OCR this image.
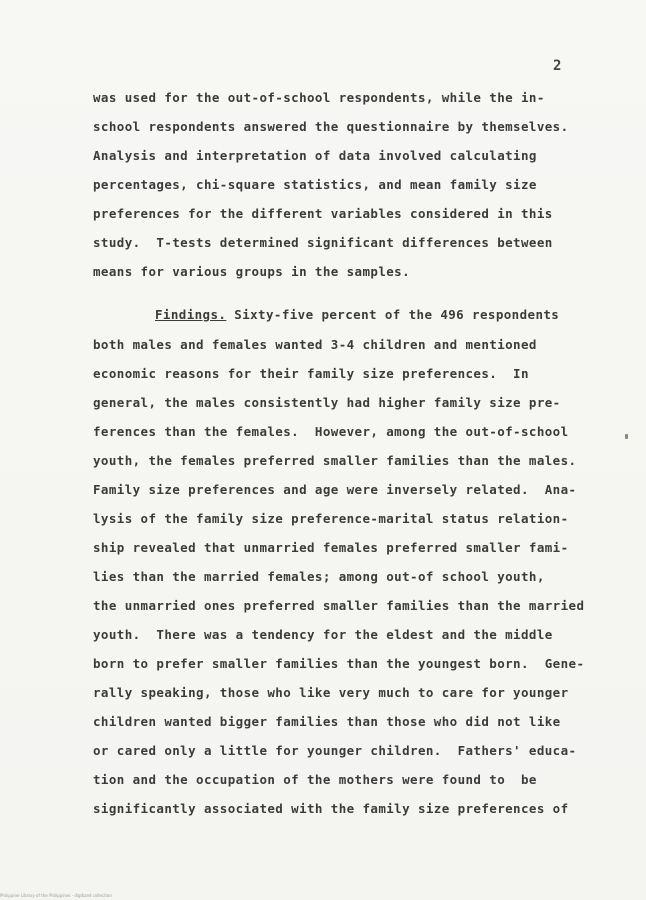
2
was used for the out-of-school respondents, while the in-
school respondents answered the questionnaire by themselves.
Analysis and interpretation of data involved calculating
percentages, chi-square statistics, and mean family size
preferences for the different variables considered in this
study.  T-tests determined significant differences between
means for various groups in the samples.
Findings. Sixty-five percent of the 496 respondents
both males and females wanted 3-4 children and mentioned
economic reasons for their family size preferences.  In
general, the males consistently had higher family size pre-
ferences than the females.  However, among the out-of-school
youth, the females preferred smaller families than the males.
Family size preferences and age were inversely related.  Ana-
lysis of the family size preference-marital status relation-
ship revealed that unmarried females preferred smaller fami-
lies than the married females; among out-of school youth,
the unmarried ones preferred smaller families than the married
youth.  There was a tendency for the eldest and the middle
born to prefer smaller families than the youngest born.  Gene-
rally speaking, those who like very much to care for younger
children wanted bigger families than those who did not like
or cared only a little for younger children.  Fathers' educa-
tion and the occupation of the mothers were found to  be
significantly associated with the family size preferences of
Philippine Library of the Philippines · digitized collection
